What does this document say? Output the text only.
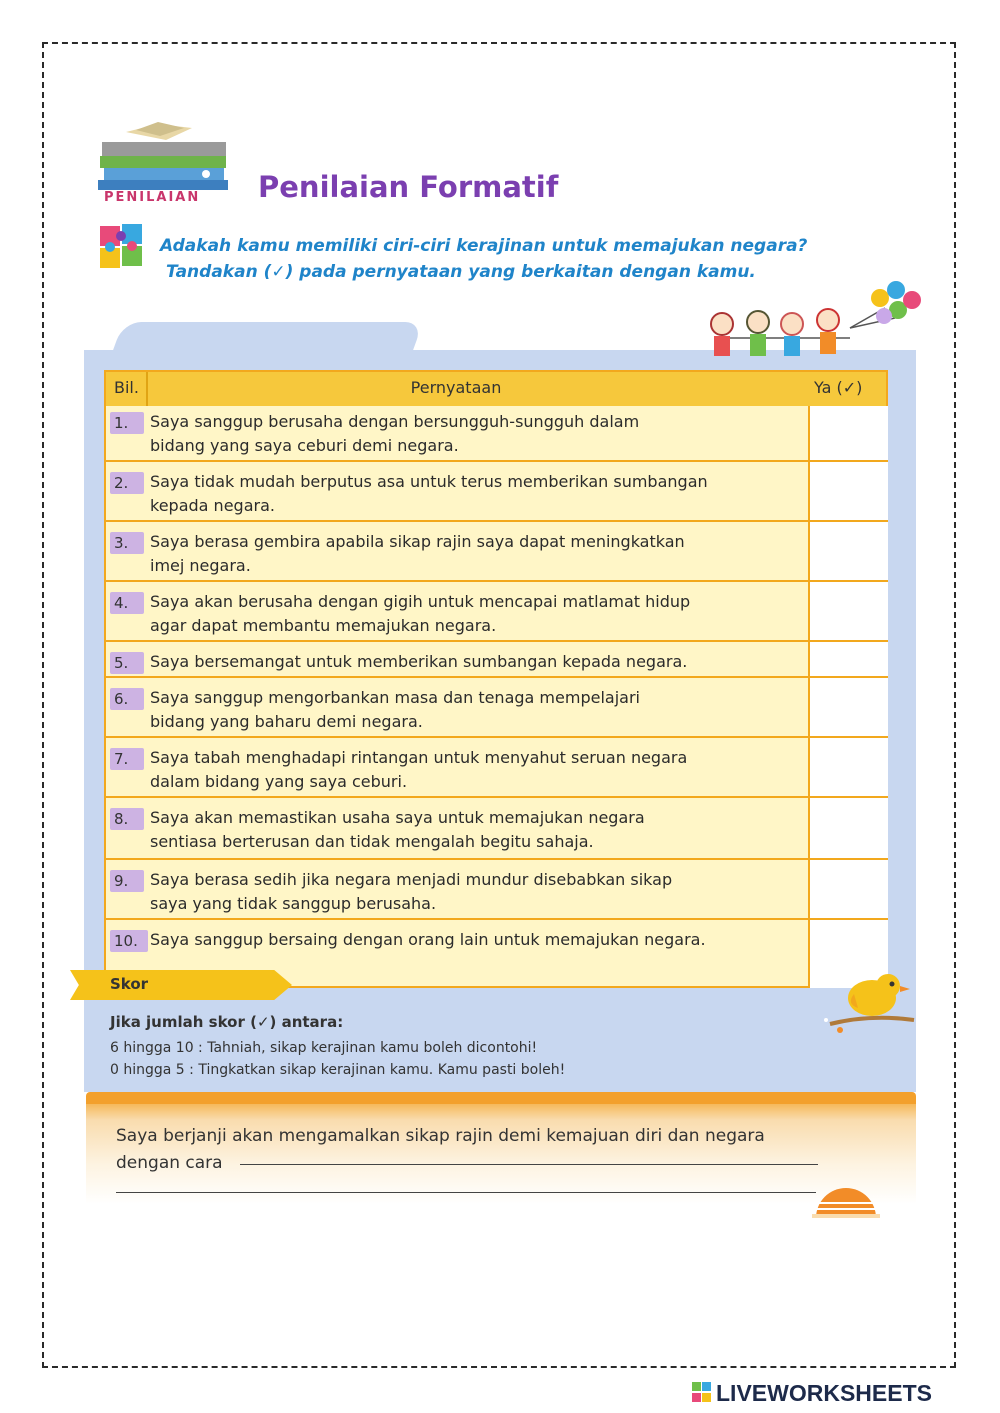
PENILAIAN Penilaian Formatif
Adakah kamu memiliki ciri-ciri kerajinan untuk memajukan negara?
Tandakan (✓) pada pernyataan yang berkaitan dengan kamu.
Bil.	Pernyataan	Ya (✓)
1.	Saya sanggup berusaha dengan bersungguh-sungguh dalam
bidang yang saya ceburi demi negara.
2.	Saya tidak mudah berputus asa untuk terus memberikan sumbangan
kepada negara.
3.	Saya berasa gembira apabila sikap rajin saya dapat meningkatkan
imej negara.
4.	Saya akan berusaha dengan gigih untuk mencapai matlamat hidup
agar dapat membantu memajukan negara.
5.	Saya bersemangat untuk memberikan sumbangan kepada negara.
6.	Saya sanggup mengorbankan masa dan tenaga mempelajari
bidang yang baharu demi negara.
7.	Saya tabah menghadapi rintangan untuk menyahut seruan negara
dalam bidang yang saya ceburi.
8.	Saya akan memastikan usaha saya untuk memajukan negara
sentiasa berterusan dan tidak mengalah begitu sahaja.
9.	Saya berasa sedih jika negara menjadi mundur disebabkan sikap
saya yang tidak sanggup berusaha.
10. Saya sanggup bersaing dengan orang lain untuk memajukan negara.
Skor
Jika jumlah skor (✓) antara:
6 hingga 10 : Tahniah, sikap kerajinan kamu boleh dicontohi!
0 hingga 5 : Tingkatkan sikap kerajinan kamu. Kamu pasti boleh!
Saya berjanji akan mengamalkan sikap rajin demi kemajuan diri dan negara
dengan cara
LIVEWORKSHEETS
